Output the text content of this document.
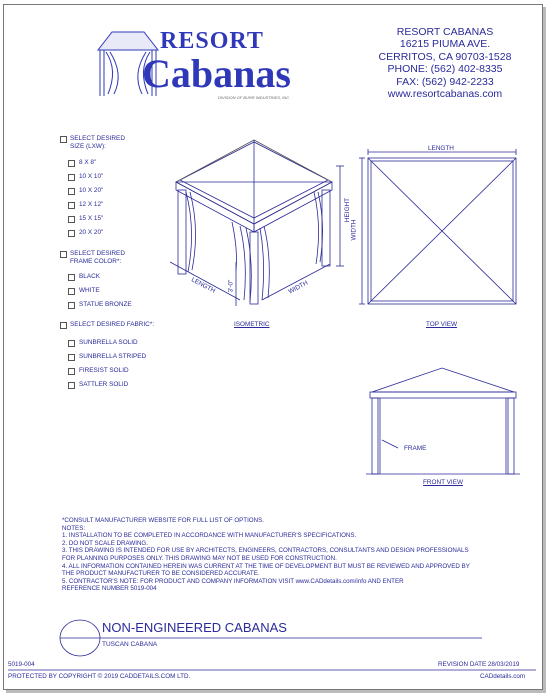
RESORT
Cabanas
DIVISION OF BURR INDUSTRIES, INC.
RESORT CABANAS
16215 PIUMA AVE.
CERRITOS, CA 90703-1528
PHONE: (562) 402-8335
FAX: (562) 942-2233
www.resortcabanas.com
SELECT DESIRED
SIZE (LXW):
8 X 8"
10 X 10"
10 X 20"
12 X 12"
15 X 15"
20 X 20"
SELECT DESIRED
FRAME COLOR*:
BLACK
WHITE
STATUE BRONZE
SELECT DESIRED FABRIC*:
SUNBRELLA SOLID
SUNBRELLA STRIPED
FIRESIST SOLID
SATTLER SOLID
LENGTH	WIDTH
HEIGHT
3'-0"
LENGTH
WIDTH
FRAME
ISOMETRIC	TOP VIEW
FRONT VIEW
*CONSULT MANUFACTURER WEBSITE FOR FULL LIST OF OPTIONS.
NOTES:
1. INSTALLATION TO BE COMPLETED IN ACCORDANCE WITH MANUFACTURER'S SPECIFICATIONS.
2. DO NOT SCALE DRAWING.
3. THIS DRAWING IS INTENDED FOR USE BY ARCHITECTS, ENGINEERS, CONTRACTORS, CONSULTANTS AND DESIGN PROFESSIONALS
FOR PLANNING PURPOSES ONLY. THIS DRAWING MAY NOT BE USED FOR CONSTRUCTION.
4. ALL INFORMATION CONTAINED HEREIN WAS CURRENT AT THE TIME OF DEVELOPMENT BUT MUST BE REVIEWED AND APPROVED BY
THE PRODUCT MANUFACTURER TO BE CONSIDERED ACCURATE.
5. CONTRACTOR'S NOTE: FOR PRODUCT AND COMPANY INFORMATION VISIT www.CADdetails.com/info AND ENTER
REFERENCE NUMBER 5019-004
NON-ENGINEERED CABANAS
TUSCAN CABANA
5019-004	REVISION DATE 28/03/2019
PROTECTED BY COPYRIGHT © 2019 CADDETAILS.COM LTD.	CADdetails.com
